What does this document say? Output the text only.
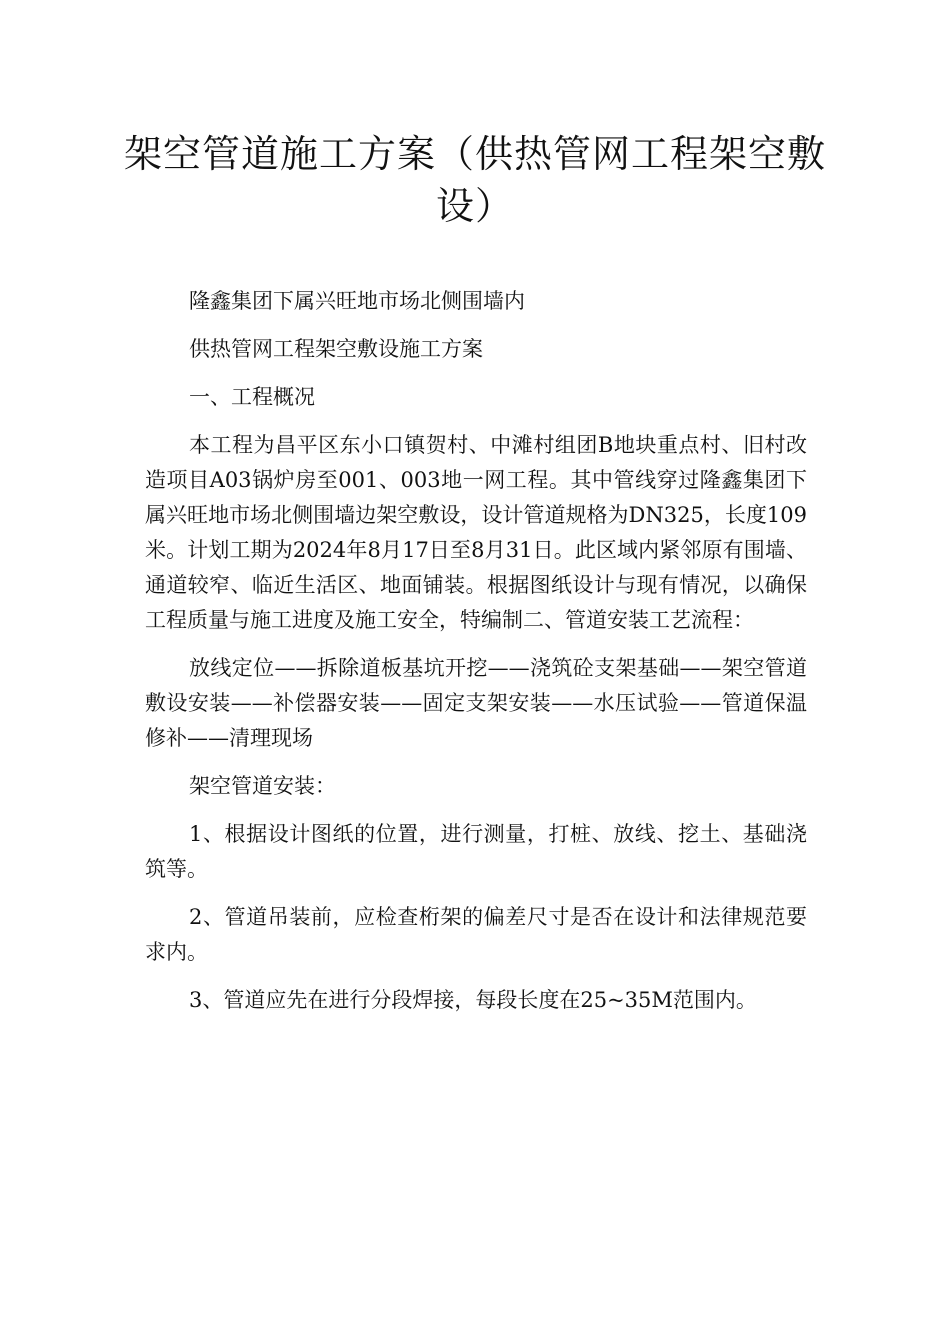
架空管道施工方案（供热管网工程架空敷设）

隆鑫集团下属兴旺地市场北侧围墙内

供热管网工程架空敷设施工方案

一、工程概况

本工程为昌平区东小口镇贺村、中滩村组团B地块重点村、旧村改造项目A03锅炉房至001、003地一网工程。其中管线穿过隆鑫集团下属兴旺地市场北侧围墙边架空敷设，设计管道规格为DN325，长度109米。计划工期为2024年8月17日至8月31日。此区域内紧邻原有围墙、通道较窄、临近生活区、地面铺装。根据图纸设计与现有情况，以确保工程质量与施工进度及施工安全，特编制二、管道安装工艺流程：

放线定位——拆除道板基坑开挖——浇筑砼支架基础——架空管道敷设安装——补偿器安装——固定支架安装——水压试验——管道保温修补——清理现场

架空管道安装：

1、根据设计图纸的位置，进行测量，打桩、放线、挖土、基础浇筑等。

2、管道吊装前，应检查桁架的偏差尺寸是否在设计和法律规范要求内。

3、管道应先在进行分段焊接，每段长度在25~35M范围内。
